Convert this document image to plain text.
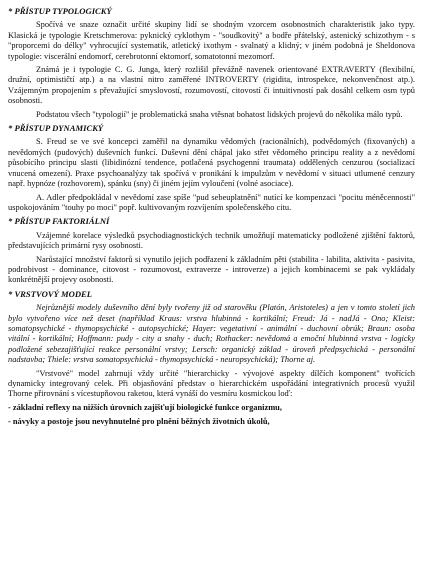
* PŘÍSTUP TYPOLOGICKÝ

Spočívá ve snaze označit určité skupiny lidí se shodným vzorcem osobnostních charakteristik jako typy. Klasická je typologie Kretschmerova: pyknický cyklothym - "soudkovitý" a bodře přátelský, astenický schizothym - s "proporcemi do délky" vyhrocující systematik, atletický ixothym - svalnatý a klidný; v jiném podobná je Sheldonova typologie: viscerální endomorf, cerebrotonní ektomorf, somatotonní mezomorf.

Známá je i typologie C. G. Junga, který rozlišil převážně navenek orientované EXTRAVERTY (flexibilní, družní, optimističtí atp.) a na vlastní nitro zaměřené INTROVERTY (rigidita, introspekce, nekonvenčnost atp.). Vzájemným propojením s převažující smyslovostí, rozumovostí, citovostí či intuitivností pak dosáhl celkem osm typů osobnosti.

Podstatou všech "typologií" je problematická snaha vtěsnat bohatost lidských projevů do několika málo typů.

* PŘÍSTUP DYNAMICKÝ

S. Freud se ve své koncepci zaměřil na dynamiku vědomých (racionálních), podvědomých (fixovaných) a nevědomých (pudových) duševních funkcí. Duševní dění chápal jako střet vědomého principu reality a z nevědomí působícího principu slasti (libidinózní tendence, potlačená psychogenní traumata) oddělených cenzurou (socializací vnucená omezení). Praxe psychoanalýzy tak spočívá v pronikání k impulzům v nevědomí v situaci utlumené cenzury např. hypnóze (rozhovorem), spánku (sny) či jiném jejím vyloučení (volné asociace).

A. Adler předpokládal v nevědomí zase spíše "pud sebeuplatnění" nutící ke kompenzaci "pocitu méněcennosti" uspokojováním "touhy po moci" popř. kultivovaným rozvíjením společenského citu.

* PŘÍSTUP FAKTORIÁLNÍ

Vzájemné korelace výsledků psychodiagnostických technik umožňují matematicky podložené zjištění faktorů, představujících primární rysy osobnosti.

Narůstající množství faktorů si vynutilo jejich podřazení k základním pěti (stabilita - labilita, aktivita - pasivita, podrobivost - dominance, citovost - rozumovost, extraverze - introverze) a jejich kombinacemi se pak vykládaly konkrétnější projevy osobnosti.

* VRSTVOVÝ MODEL

Nejrůznější modely duševního dění byly tvořeny již od starověku (Platón, Aristoteles) a jen v tomto století jich bylo vytvořeno více než deset (například Kraus: vrstva hlubinná - kortikální; Freud: Já - nadJá - Ono; Kleist: somatopsychické - thymopsychické - autopsychické; Hayer: vegetativní - animální - duchovní obrúk; Braun: osoba vitální - kortikální; Hoffmann: pudy - city a snahy - duch; Rothacker: nevědomá a emoční hlubinná vrstva - logicky podložené sebezajišťující reakce personální vrstvy; Lersch: organický základ - úroveň předpsychická - personální nadstavba; Thiele: vrstva somatopsychická - thymopsychická - neuropsychická); Thorne aj.

"Vrstvové" model zahrnují vždy určité "hierarchicky - vývojové aspekty dílčích komponent" tvořících dynamicky integrovaný celek. Při objasňování představ o hierarchickém uspořádání integrativních procesů využil Thorne přirovnání s vícestupňovou raketou, která vynáší do vesmíru kosmickou loď:

- základní reflexy na nižších úrovních zajišťují biologické funkce organizmu,
- návyky a postoje jsou nevyhnutelné pro plnění běžných životních úkolů,
